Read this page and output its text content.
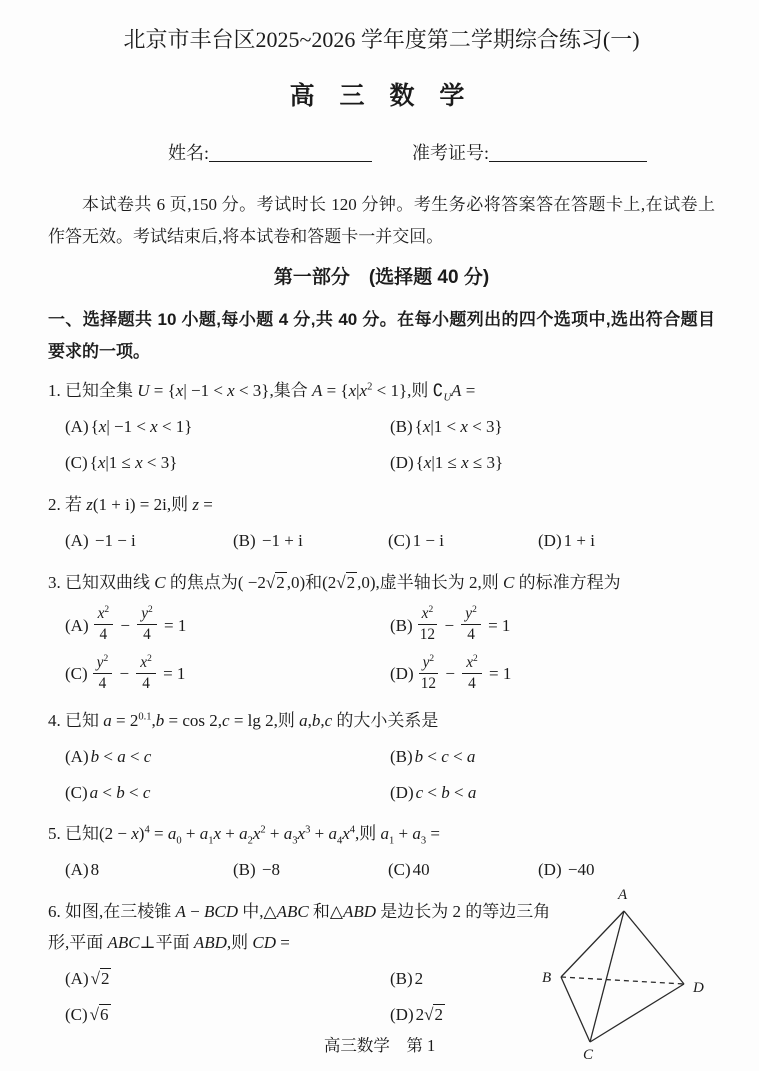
北京市丰台区2025~2026 学年度第二学期综合练习(一)
高 三 数 学
姓名:	准考证号:
本试卷共 6 页,150 分。考试时长 120 分钟。考生务必将答案答在答题卡上,在试卷上作答无效。考试结束后,将本试卷和答题卡一并交回。
第一部分　(选择题 40 分)
一、选择题共 10 小题,每小题 4 分,共 40 分。在每小题列出的四个选项中,选出符合题目要求的一项。
1. 已知全集 U = {x| −1 < x < 3},集合 $A = \{x|x^2 < 1\}$,则 $∁_UA$ =
(A) {x| −1 < x < 1}	(B) {x|1 < x < 3}
(C) {x|1 ≤ x < 3}	(D) {x|1 ≤ x ≤ 3}
2. 若 z(1 + i) = 2i,则 z =
(A) −1 − i	(B) −1 + i	(C) 1 − i	(D) 1 + i
3. 已知双曲线 C 的焦点为( −2√2 ,0)和(2√2 ,0),虚半轴长为 2,则 C 的标准方程为
$(A) \frac{x^2}{4} - \frac{y^2}{4} = 1$	$(B) \frac{x^2}{12} - \frac{y^2}{4} = 1$
$(C) \frac{y^2}{4} - \frac{x^2}{4} = 1$	$(D) \frac{y^2}{12} - \frac{x^2}{4} = 1$
4. 已知 $a = 2^{0.1},b = \cos 2,c = \lg 2$,则 a,b,c 的大小关系是
(A) b < a < c	(B) b < c < a
(C) a < b < c	(D) c < b < a
5. 已知$(2 - x)^4 = a_0 + a_1x + a_2x^2 + a_3x^3 + a_4x^4$,则 $a_1 + a_3$ =
(A) 8	(B) −8	(C) 40	(D) −40
6. 如图,在三棱锥 A − BCD 中,△ABC 和△ABD 是边长为 2 的等边三角形,平面 ABC⊥平面 ABD,则 CD =
(A) √2	(B) 2
(C) √6	(D) 2√2
A
B
C
D
高三数学　第 1
